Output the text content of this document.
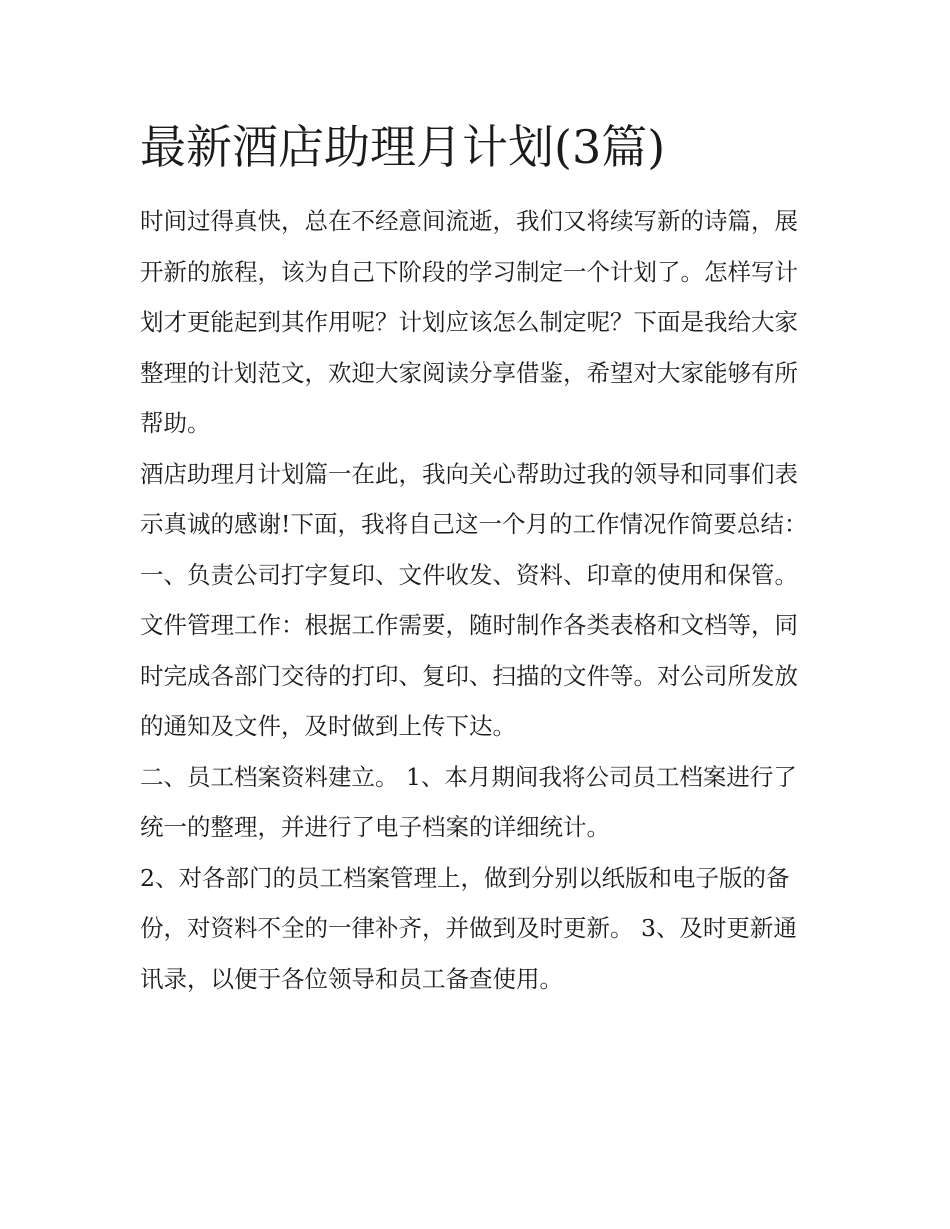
最新酒店助理月计划(3篇)

时间过得真快，总在不经意间流逝，我们又将续写新的诗篇，展开新的旅程，该为自己下阶段的学习制定一个计划了。怎样写计划才更能起到其作用呢？计划应该怎么制定呢？下面是我给大家整理的计划范文，欢迎大家阅读分享借鉴，希望对大家能够有所帮助。

酒店助理月计划篇一在此，我向关心帮助过我的领导和同事们表示真诚的感谢!下面，我将自己这一个月的工作情况作简要总结：

一、负责公司打字复印、文件收发、资料、印章的使用和保管。

文件管理工作：根据工作需要，随时制作各类表格和文档等，同时完成各部门交待的打印、复印、扫描的文件等。对公司所发放的通知及文件，及时做到上传下达。

二、员工档案资料建立。 1、本月期间我将公司员工档案进行了统一的整理，并进行了电子档案的详细统计。

2、对各部门的员工档案管理上，做到分别以纸版和电子版的备份，对资料不全的一律补齐，并做到及时更新。 3、及时更新通讯录，以便于各位领导和员工备查使用。
